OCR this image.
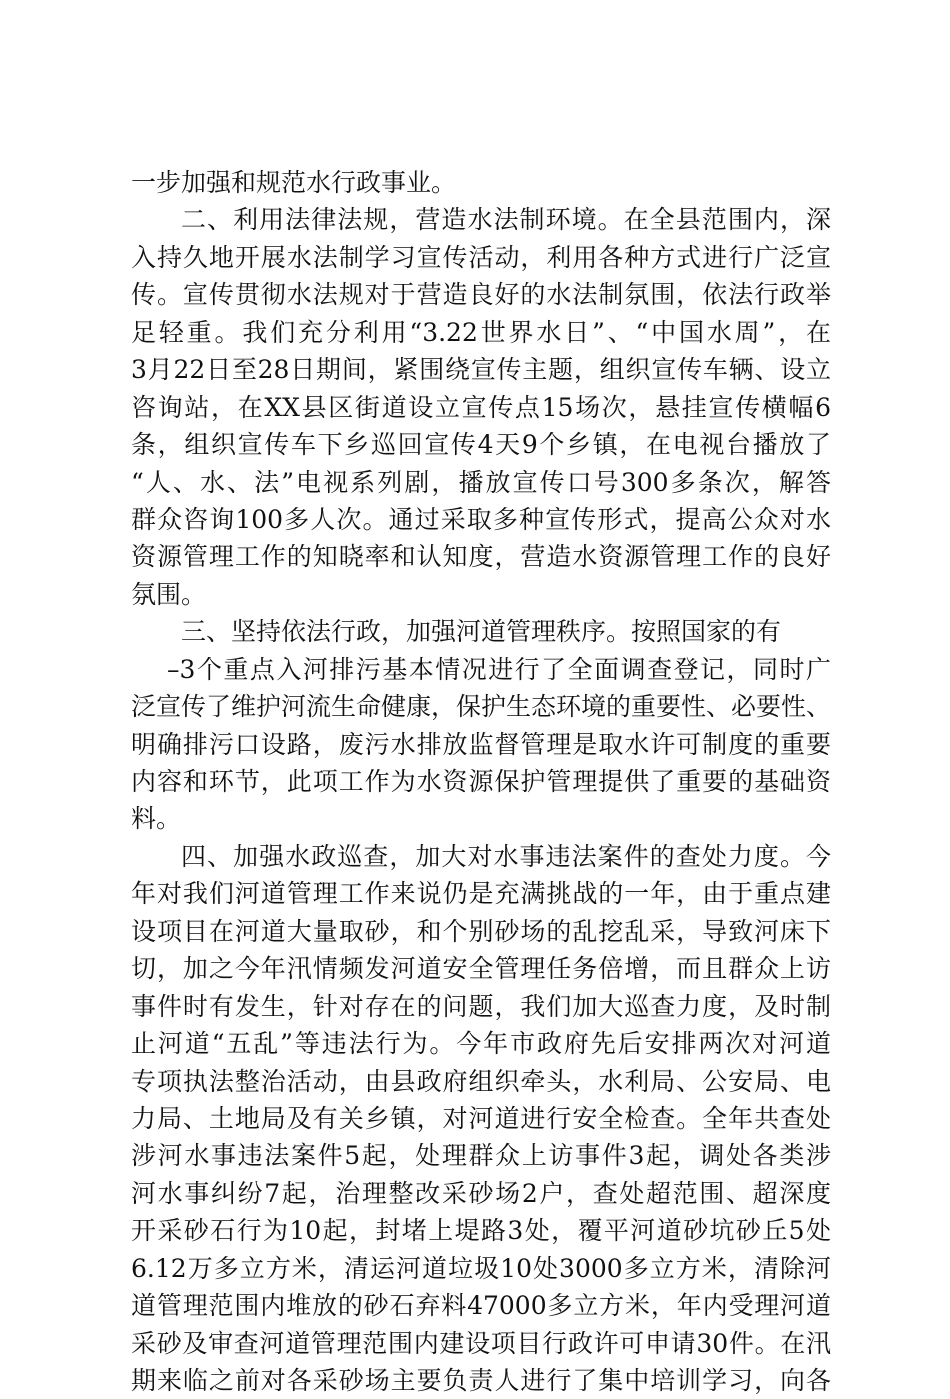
一步加强和规范水行政事业。
二、利用法律法规，营造水法制环境。在全县范围内，深
入持久地开展水法制学习宣传活动，利用各种方式进行广泛宣
传。宣传贯彻水法规对于营造良好的水法制氛围，依法行政举
足轻重。我们充分利用“3.22世界水日”、“中国水周”，在
3月22日至28日期间，紧围绕宣传主题，组织宣传车辆、设立
咨询站，在XX县区街道设立宣传点15场次，悬挂宣传横幅6
条，组织宣传车下乡巡回宣传4天9个乡镇，在电视台播放了
“人、水、法”电视系列剧，播放宣传口号300多条次，解答
群众咨询100多人次。通过采取多种宣传形式，提高公众对水
资源管理工作的知晓率和认知度，营造水资源管理工作的良好
氛围。
三、坚持依法行政，加强河道管理秩序。按照国家的有
–3个重点入河排污基本情况进行了全面调查登记，同时广
泛宣传了维护河流生命健康，保护生态环境的重要性、必要性、
明确排污口设路，废污水排放监督管理是取水许可制度的重要
内容和环节，此项工作为水资源保护管理提供了重要的基础资
料。
四、加强水政巡查，加大对水事违法案件的查处力度。今
年对我们河道管理工作来说仍是充满挑战的一年，由于重点建
设项目在河道大量取砂，和个别砂场的乱挖乱采，导致河床下
切，加之今年汛情频发河道安全管理任务倍增，而且群众上访
事件时有发生，针对存在的问题，我们加大巡查力度，及时制
止河道“五乱”等违法行为。今年市政府先后安排两次对河道
专项执法整治活动，由县政府组织牵头，水利局、公安局、电
力局、土地局及有关乡镇，对河道进行安全检查。全年共查处
涉河水事违法案件5起，处理群众上访事件3起，调处各类涉
河水事纠纷7起，治理整改采砂场2户，查处超范围、超深度
开采砂石行为10起，封堵上堤路3处，覆平河道砂坑砂丘5处
6.12万多立方米，清运河道垃圾10处3000多立方米，清除河
道管理范围内堆放的砂石弃料47000多立方米，年内受理河道
采砂及审查河道管理范围内建设项目行政许可申请30件。在汛
期来临之前对各采砂场主要负责人进行了集中培训学习，向各
